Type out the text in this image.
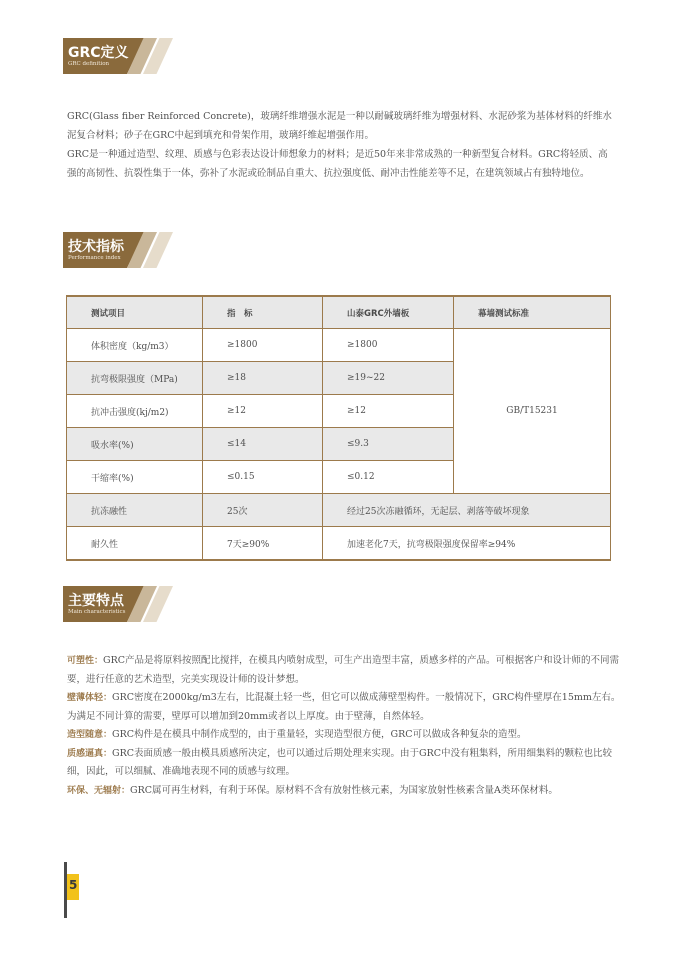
GRC定义
GRC definition

GRC(Glass fiber Reinforced Concrete)，玻璃纤维增强水泥是一种以耐碱玻璃纤维为增强材料、水泥砂浆为基体材料的纤维水泥复合材料；砂子在GRC中起到填充和骨架作用，玻璃纤维起增强作用。

GRC是一种通过造型、纹理、质感与色彩表达设计师想象力的材料；是近50年来非常成熟的一种新型复合材料。GRC将轻质、高强的高韧性、抗裂性集于一体，弥补了水泥或砼制品自重大、抗拉强度低、耐冲击性能差等不足，在建筑领域占有独特地位。

技术指标
Performance index
测试项目	指　标	山泰GRC外墙板	幕墙测试标准
体积密度（kg/m3）	≥1800	≥1800	GB/T15231
抗弯极限强度（MPa)	≥18	≥19~22	
抗冲击强度(kj/m2)	≥12	≥12	
吸水率(%)	≤14	≤9.3	
干缩率(%)	≤0.15	≤0.12	
抗冻融性	25次	经过25次冻融循环，无起层、剥落等破坏现象	
耐久性	7天≥90%	加速老化7天，抗弯极限强度保留率≥94%	
主要特点
Main characteristics

可塑性：GRC产品是将原料按照配比搅拌，在模具内喷射成型，可生产出造型丰富，质感多样的产品。可根据客户和设计师的不同需要，进行任意的艺术造型，完美实现设计师的设计梦想。

壁薄体轻：GRC密度在2000kg/m3左右，比混凝土轻一些，但它可以做成薄壁型构件。一般情况下，GRC构件壁厚在15mm左右。为满足不同计算的需要，壁厚可以增加到20mm或者以上厚度。由于壁薄，自然体轻。

造型随意：GRC构件是在模具中制作成型的，由于重量轻，实现造型很方便，GRC可以做成各种复杂的造型。

质感逼真：GRC表面质感一般由模具质感所决定，也可以通过后期处理来实现。由于GRC中没有粗集料，所用细集料的颗粒也比较细，因此，可以细腻、准确地表现不同的质感与纹理。

环保、无辐射：GRC属可再生材料，有利于环保。原材料不含有放射性核元素，为国家放射性核素含量A类环保材料。

5
